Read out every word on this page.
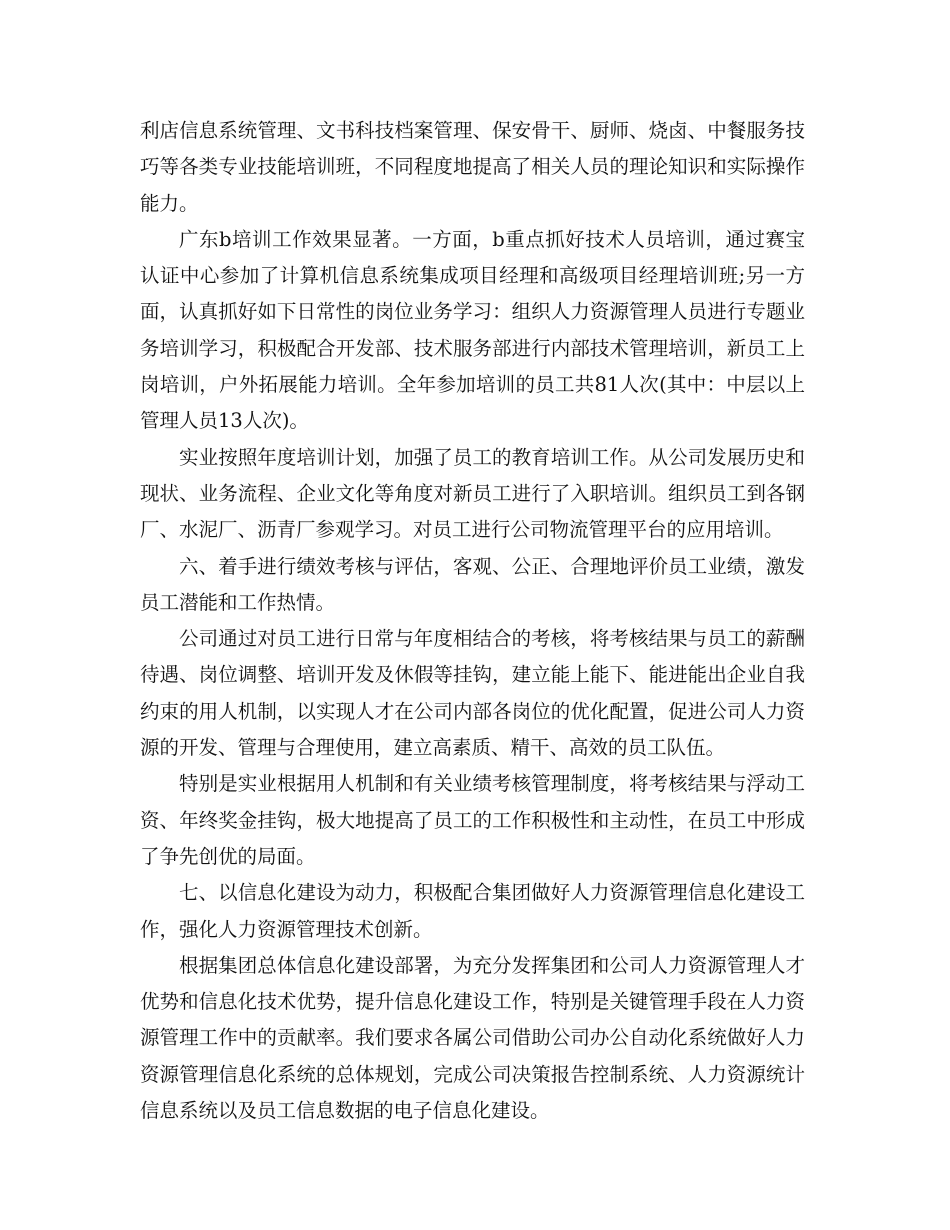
利店信息系统管理、文书科技档案管理、保安骨干、厨师、烧卤、中餐服务技巧等各类专业技能培训班，不同程度地提高了相关人员的理论知识和实际操作能力。

广东b培训工作效果显著。一方面，b重点抓好技术人员培训，通过赛宝认证中心参加了计算机信息系统集成项目经理和高级项目经理培训班;另一方面，认真抓好如下日常性的岗位业务学习：组织人力资源管理人员进行专题业务培训学习，积极配合开发部、技术服务部进行内部技术管理培训，新员工上岗培训，户外拓展能力培训。全年参加培训的员工共81人次(其中：中层以上管理人员13人次)。

实业按照年度培训计划，加强了员工的教育培训工作。从公司发展历史和现状、业务流程、企业文化等角度对新员工进行了入职培训。组织员工到各钢厂、水泥厂、沥青厂参观学习。对员工进行公司物流管理平台的应用培训。

六、着手进行绩效考核与评估，客观、公正、合理地评价员工业绩，激发员工潜能和工作热情。

公司通过对员工进行日常与年度相结合的考核，将考核结果与员工的薪酬待遇、岗位调整、培训开发及休假等挂钩，建立能上能下、能进能出企业自我约束的用人机制，以实现人才在公司内部各岗位的优化配置，促进公司人力资源的开发、管理与合理使用，建立高素质、精干、高效的员工队伍。

特别是实业根据用人机制和有关业绩考核管理制度，将考核结果与浮动工资、年终奖金挂钩，极大地提高了员工的工作积极性和主动性，在员工中形成了争先创优的局面。

七、以信息化建设为动力，积极配合集团做好人力资源管理信息化建设工作，强化人力资源管理技术创新。

根据集团总体信息化建设部署，为充分发挥集团和公司人力资源管理人才优势和信息化技术优势，提升信息化建设工作，特别是关键管理手段在人力资源管理工作中的贡献率。我们要求各属公司借助公司办公自动化系统做好人力资源管理信息化系统的总体规划，完成公司决策报告控制系统、人力资源统计信息系统以及员工信息数据的电子信息化建设。
